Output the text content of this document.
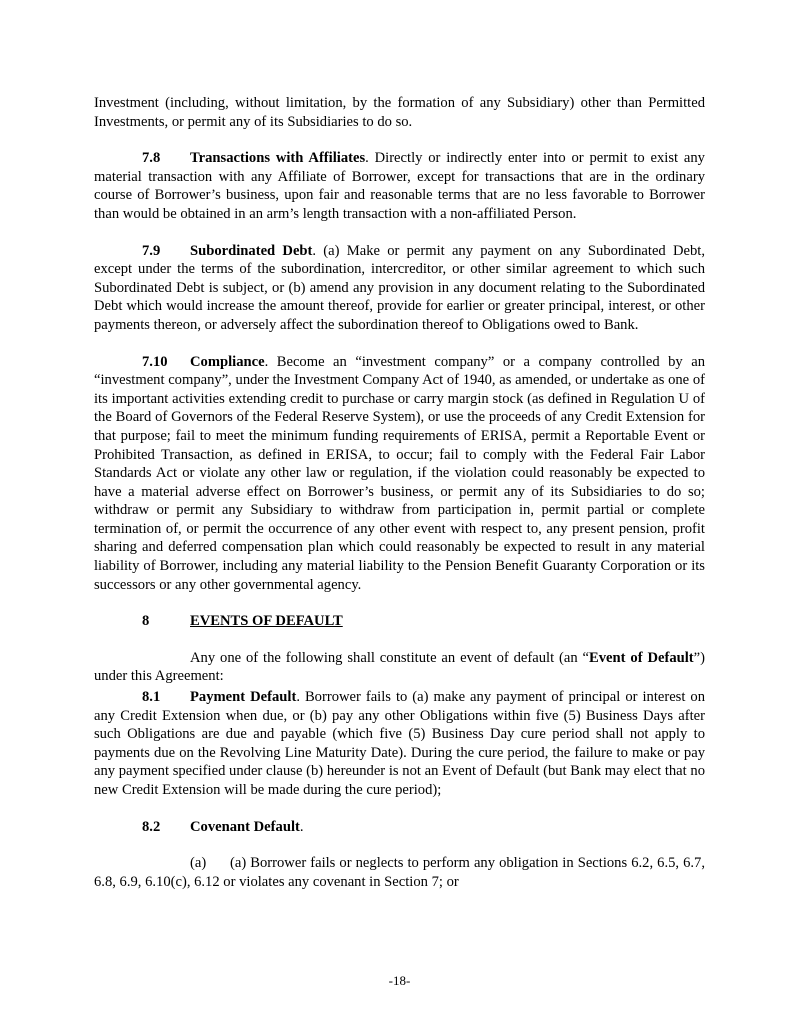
Investment (including, without limitation, by the formation of any Subsidiary) other than Permitted Investments, or permit any of its Subsidiaries to do so.

7.8 Transactions with Affiliates. Directly or indirectly enter into or permit to exist any material transaction with any Affiliate of Borrower, except for transactions that are in the ordinary course of Borrower’s business, upon fair and reasonable terms that are no less favorable to Borrower than would be obtained in an arm’s length transaction with a non-affiliated Person.

7.9 Subordinated Debt. (a) Make or permit any payment on any Subordinated Debt, except under the terms of the subordination, intercreditor, or other similar agreement to which such Subordinated Debt is subject, or (b) amend any provision in any document relating to the Subordinated Debt which would increase the amount thereof, provide for earlier or greater principal, interest, or other payments thereon, or adversely affect the subordination thereof to Obligations owed to Bank.

7.10 Compliance. Become an “investment company” or a company controlled by an “investment company”, under the Investment Company Act of 1940, as amended, or undertake as one of its important activities extending credit to purchase or carry margin stock (as defined in Regulation U of the Board of Governors of the Federal Reserve System), or use the proceeds of any Credit Extension for that purpose; fail to meet the minimum funding requirements of ERISA, permit a Reportable Event or Prohibited Transaction, as defined in ERISA, to occur; fail to comply with the Federal Fair Labor Standards Act or violate any other law or regulation, if the violation could reasonably be expected to have a material adverse effect on Borrower’s business, or permit any of its Subsidiaries to do so; withdraw or permit any Subsidiary to withdraw from participation in, permit partial or complete termination of, or permit the occurrence of any other event with respect to, any present pension, profit sharing and deferred compensation plan which could reasonably be expected to result in any material liability of Borrower, including any material liability to the Pension Benefit Guaranty Corporation or its successors or any other governmental agency.

8	EVENTS OF DEFAULT

Any one of the following shall constitute an event of default (an “Event of Default”) under this Agreement:

8.1 Payment Default. Borrower fails to (a) make any payment of principal or interest on any Credit Extension when due, or (b) pay any other Obligations within five (5) Business Days after such Obligations are due and payable (which five (5) Business Day cure period shall not apply to payments due on the Revolving Line Maturity Date). During the cure period, the failure to make or pay any payment specified under clause (b) hereunder is not an Event of Default (but Bank may elect that no new Credit Extension will be made during the cure period);

8.2 Covenant Default.

(a) (a) Borrower fails or neglects to perform any obligation in Sections 6.2, 6.5, 6.7, 6.8, 6.9, 6.10(c), 6.12 or violates any covenant in Section 7; or

-18-
